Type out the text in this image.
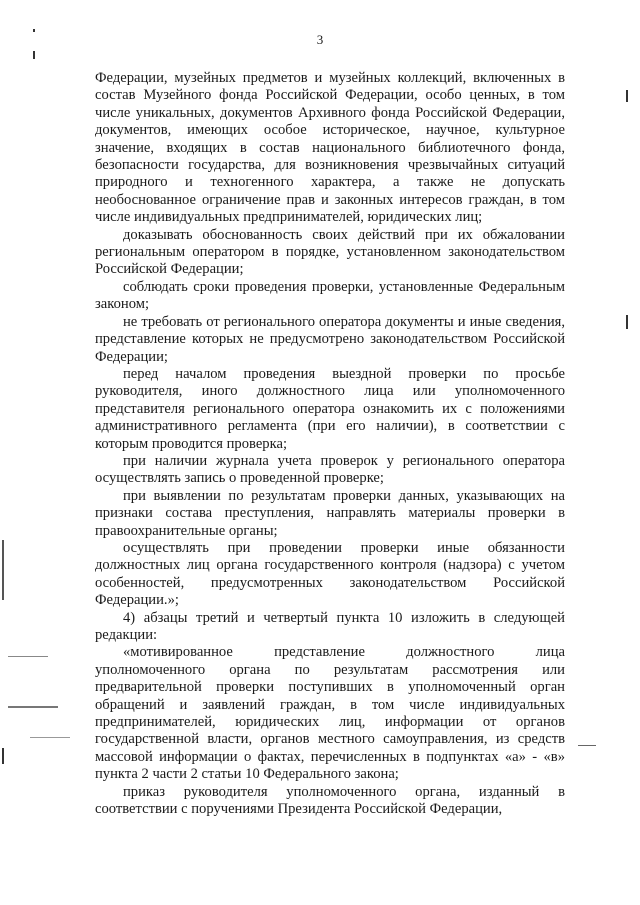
3

Федерации, музейных предметов и музейных коллекций, включенных в состав Музейного фонда Российской Федерации, особо ценных, в том числе уникальных, документов Архивного фонда Российской Федерации, документов, имеющих особое историческое, научное, культурное значение, входящих в состав национального библиотечного фонда, безопасности государства, для возникновения чрезвычайных ситуаций природного и техногенного характера, а также не допускать необоснованное ограничение прав и законных интересов граждан, в том числе индивидуальных предпринимателей, юридических лиц;

доказывать обоснованность своих действий при их обжаловании региональным оператором в порядке, установленном законодательством Российской Федерации;

соблюдать сроки проведения проверки, установленные Федеральным законом;

не требовать от регионального оператора документы и иные сведения, представление которых не предусмотрено законодательством Российской Федерации;

перед началом проведения выездной проверки по просьбе руководителя, иного должностного лица или уполномоченного представителя регионального оператора ознакомить их с положениями административного регламента (при его наличии), в соответствии с которым проводится проверка;

при наличии журнала учета проверок у регионального оператора осуществлять запись о проведенной проверке;

при выявлении по результатам проверки данных, указывающих на признаки состава преступления, направлять материалы проверки в правоохранительные органы;

осуществлять при проведении проверки иные обязанности должностных лиц органа государственного контроля (надзора) с учетом особенностей, предусмотренных законодательством Российской Федерации.»;

4) абзацы третий и четвертый пункта 10 изложить в следующей редакции:

«мотивированное представление должностного лица уполномоченного органа по результатам рассмотрения или предварительной проверки поступивших в уполномоченный орган обращений и заявлений граждан, в том числе индивидуальных предпринимателей, юридических лиц, информации от органов государственной власти, органов местного самоуправления, из средств массовой информации о фактах, перечисленных в подпунктах «а» - «в» пункта 2 части 2 статьи 10 Федерального закона;

приказ руководителя уполномоченного органа, изданный в соответствии с поручениями Президента Российской Федерации,
